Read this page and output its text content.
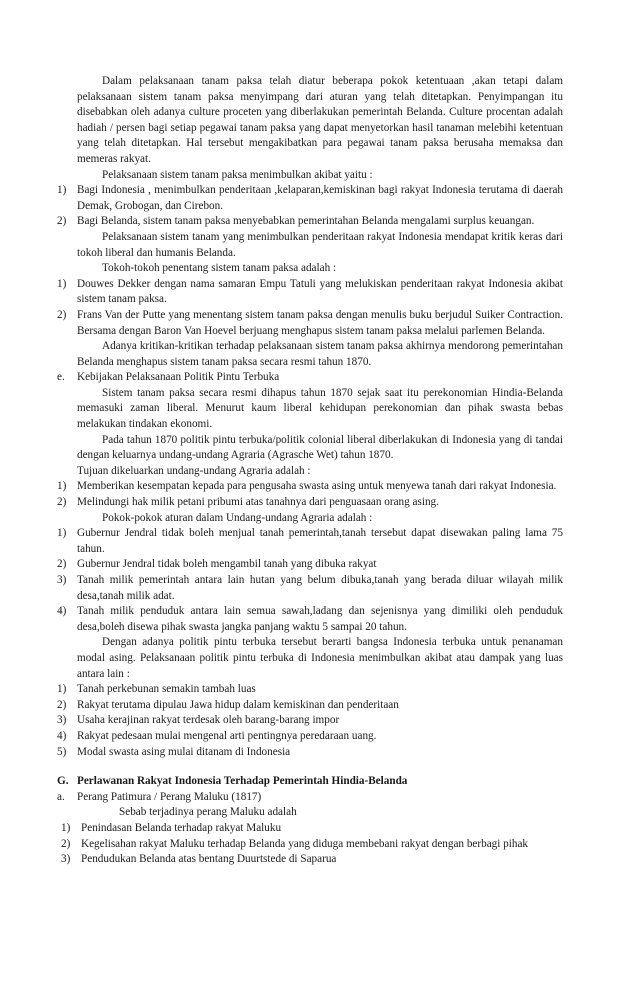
Dalam pelaksanaan tanam paksa telah diatur beberapa pokok ketentuaan ,akan tetapi dalam pelaksanaan sistem tanam paksa menyimpang dari aturan yang telah ditetapkan. Penyimpangan itu disebabkan oleh adanya culture proceten yang diberlakukan pemerintah Belanda. Culture procentan adalah hadiah / persen bagi setiap pegawai tanam paksa yang dapat menyetorkan hasil tanaman melebihi ketentuan yang telah ditetapkan. Hal tersebut mengakibatkan para pegawai tanam paksa berusaha memaksa dan memeras rakyat.

Pelaksanaan sistem tanam paksa menimbulkan akibat yaitu :

1) Bagi Indonesia , menimbulkan penderitaan ,kelaparan,kemiskinan bagi rakyat Indonesia terutama di daerah Demak, Grobogan, dan Cirebon.
2) Bagi Belanda, sistem tanam paksa menyebabkan pemerintahan Belanda mengalami surplus keuangan.

Pelaksanaan sistem tanam yang menimbulkan penderitaan rakyat Indonesia mendapat kritik keras dari tokoh liberal dan humanis Belanda.

Tokoh-tokoh penentang sistem tanam paksa adalah :

1) Douwes Dekker dengan nama samaran Empu Tatuli yang melukiskan penderitaan rakyat Indonesia akibat sistem tanam paksa.
2) Frans Van der Putte yang menentang sistem tanam paksa dengan menulis buku berjudul Suiker Contraction. Bersama dengan Baron Van Hoevel berjuang menghapus sistem tanam paksa melalui parlemen Belanda.

Adanya kritikan-kritikan terhadap pelaksanaan sistem tanam paksa akhirnya mendorong pemerintahan Belanda menghapus sistem tanam paksa secara resmi tahun 1870.

e.	Kebijakan Pelaksanaan Politik Pintu Terbuka

Sistem tanam paksa secara resmi dihapus tahun 1870 sejak saat itu perekonomian Hindia-Belanda memasuki zaman liberal. Menurut kaum liberal kehidupan perekonomian dan pihak swasta bebas melakukan tindakan ekonomi.

Pada tahun 1870 politik pintu terbuka/politik colonial liberal diberlakukan di Indonesia yang di tandai dengan keluarnya undang-undang Agraria (Agrasche Wet) tahun 1870.

Tujuan dikeluarkan undang-undang Agraria adalah :

1) Memberikan kesempatan kepada para pengusaha swasta asing untuk menyewa tanah dari rakyat Indonesia.
2) Melindungi hak milik petani pribumi atas tanahnya dari penguasaan orang asing.

Pokok-pokok aturan dalam Undang-undang Agraria adalah :

1) Gubernur Jendral tidak boleh menjual tanah pemerintah,tanah tersebut dapat disewakan paling lama 75 tahun.
2) Gubernur Jendral tidak boleh mengambil tanah yang dibuka rakyat
3) Tanah milik pemerintah antara lain hutan yang belum dibuka,tanah yang berada diluar wilayah milik desa,tanah milik adat.
4) Tanah milik penduduk antara lain semua sawah,ladang dan sejenisnya yang dimiliki oleh penduduk desa,boleh disewa pihak swasta jangka panjang waktu 5 sampai 20 tahun.

Dengan adanya politik pintu terbuka tersebut berarti bangsa Indonesia terbuka untuk penanaman modal asing. Pelaksanaan politik pintu terbuka di Indonesia menimbulkan akibat atau dampak yang luas antara lain :

1) Tanah perkebunan semakin tambah luas
2) Rakyat terutama dipulau Jawa hidup dalam kemiskinan dan penderitaan
3) Usaha kerajinan rakyat terdesak oleh barang-barang impor
4) Rakyat pedesaan mulai mengenal arti pentingnya peredaraan uang.
5) Modal swasta asing mulai ditanam di Indonesia
G. Perlawanan Rakyat Indonesia Terhadap Pemerintah Hindia-Belanda
a.	Perang Patimura / Perang Maluku (1817)

Sebab terjadinya perang Maluku adalah

1) Penindasan Belanda terhadap rakyat Maluku
2) Kegelisahan rakyat Maluku terhadap Belanda yang diduga membebani rakyat dengan berbagi pihak
3) Pendudukan Belanda atas bentang Duurtstede di Saparua
